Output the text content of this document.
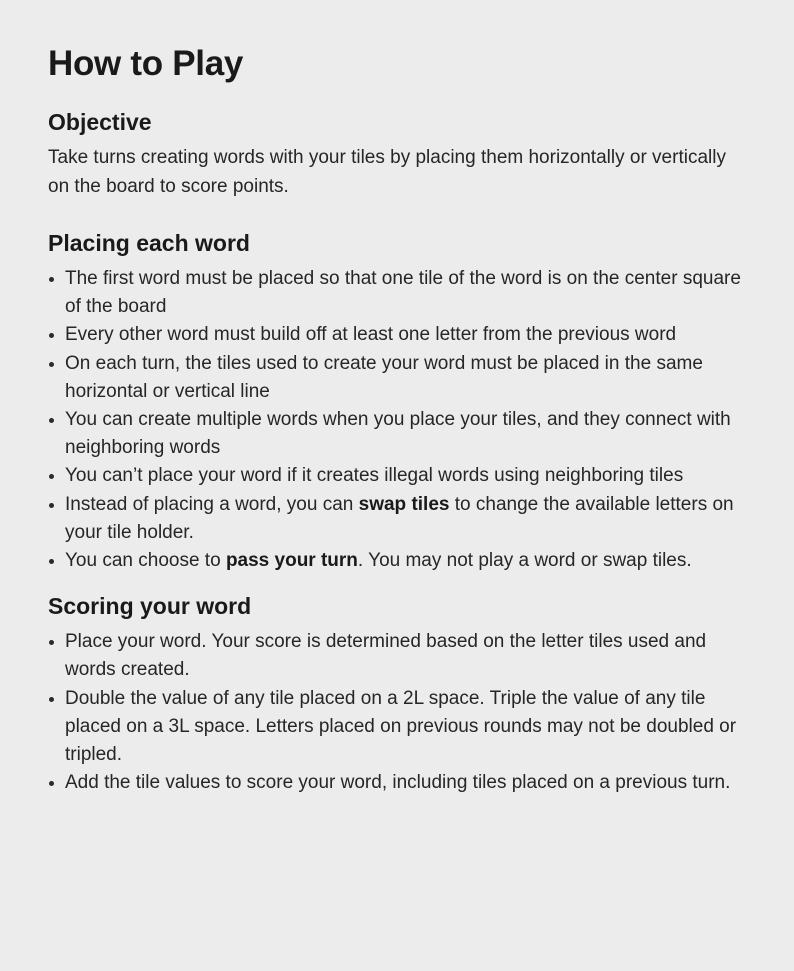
How to Play
Objective

Take turns creating words with your tiles by placing them horizontally or vertically on the board to score points.

Placing each word
The first word must be placed so that one tile of the word is on the center square of the board
Every other word must build off at least one letter from the previous word
On each turn, the tiles used to create your word must be placed in the same horizontal or vertical line
You can create multiple words when you place your tiles, and they connect with neighboring words
You can’t place your word if it creates illegal words using neighboring tiles
Instead of placing a word, you can swap tiles to change the available letters on your tile holder.
You can choose to pass your turn. You may not play a word or swap tiles.
Scoring your word
Place your word. Your score is determined based on the letter tiles used and words created.
Double the value of any tile placed on a 2L space. Triple the value of any tile placed on a 3L space. Letters placed on previous rounds may not be doubled or tripled.
Add the tile values to score your word, including tiles placed on a previous turn.
